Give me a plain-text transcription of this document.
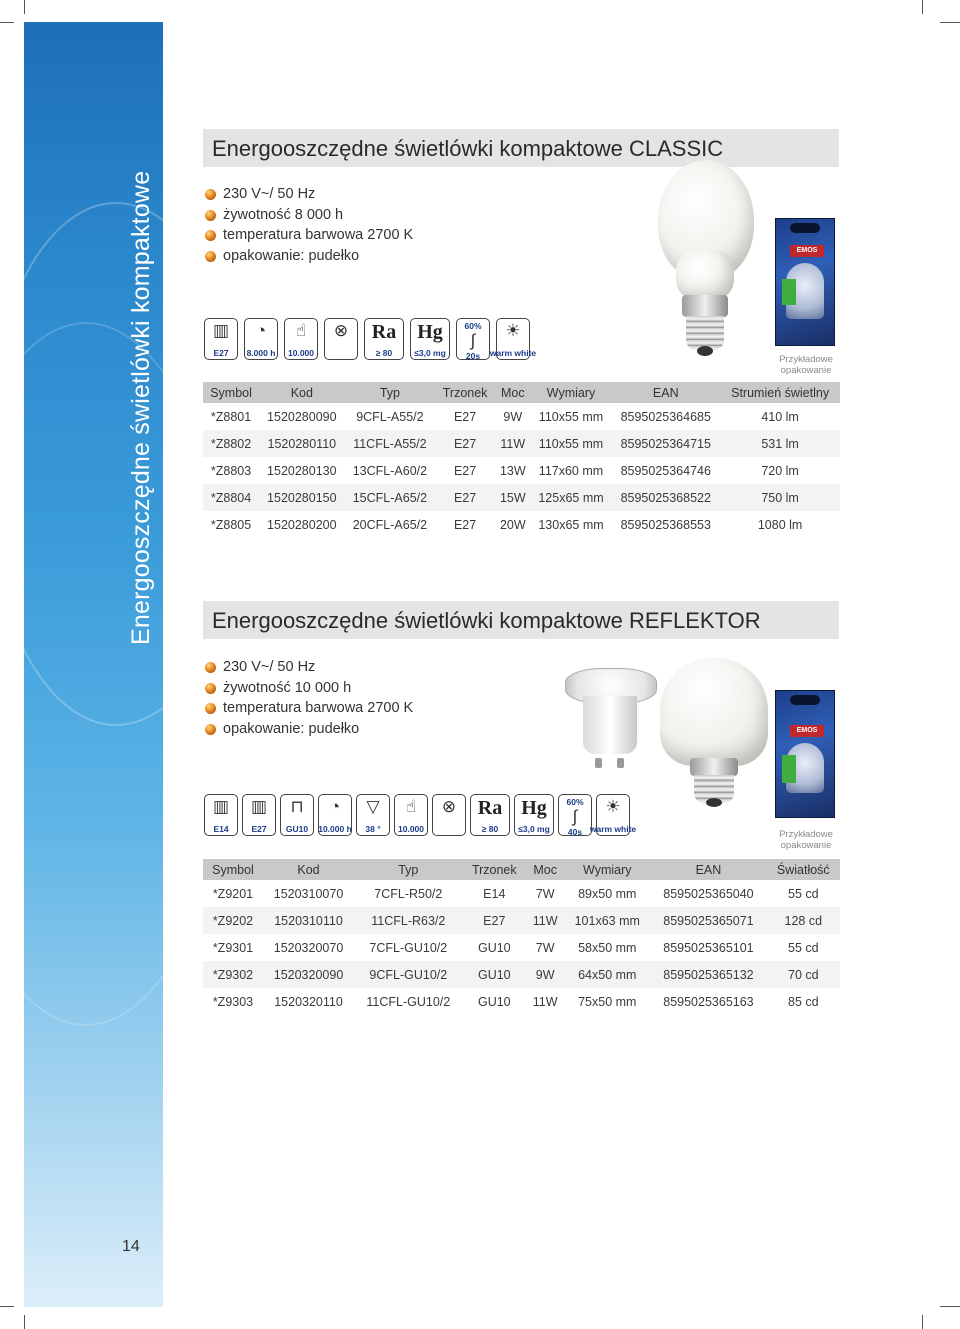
Energooszczędne świetlówki kompaktowe
14
Energooszczędne świetlówki kompaktowe CLASSIC
230 V~/ 50 Hz
żywotność 8 000 h
temperatura barwowa 2700 K
opakowanie: pudełko
▥
E27
◔
8.000 h
☝
10.000
⊗ Ra
≥ 80
Hg
≤3,0 mg
60%
∫
20s
☀
warm white
EMOS
Przykładowe
opakowanie
Symbol	Kod	Typ	Trzonek	Moc	Wymiary	EAN	Strumień świetlny
*Z8801	1520280090	9CFL-A55/2	E27	9W	110x55 mm	8595025364685	410 lm
*Z8802	1520280110	11CFL-A55/2	E27	11W	110x55 mm	8595025364715	531 lm
*Z8803	1520280130	13CFL-A60/2	E27	13W	117x60 mm	8595025364746	720 lm
*Z8804	1520280150	15CFL-A65/2	E27	15W	125x65 mm	8595025368522	750 lm
*Z8805	1520280200	20CFL-A65/2	E27	20W	130x65 mm	8595025368553	1080 lm
Energooszczędne świetlówki kompaktowe REFLEKTOR
230 V~/ 50 Hz
żywotność 10 000 h
temperatura barwowa 2700 K
opakowanie: pudełko
▥
E14
▥
E27
⊓
GU10
◔
10.000 h
▽
38 °
☝
10.000
⊗ Ra
≥ 80
Hg
≤3,0 mg
60%
∫
40s
☀
warm white
EMOS
Przykładowe
opakowanie
Symbol	Kod	Typ	Trzonek	Moc	Wymiary	EAN	Światłość
*Z9201	1520310070	7CFL-R50/2	E14	7W	89x50 mm	8595025365040	55 cd
*Z9202	1520310110	11CFL-R63/2	E27	11W	101x63 mm	8595025365071	128 cd
*Z9301	1520320070	7CFL-GU10/2	GU10	7W	58x50 mm	8595025365101	55 cd
*Z9302	1520320090	9CFL-GU10/2	GU10	9W	64x50 mm	8595025365132	70 cd
*Z9303	1520320110	11CFL-GU10/2	GU10	11W	75x50 mm	8595025365163	85 cd
